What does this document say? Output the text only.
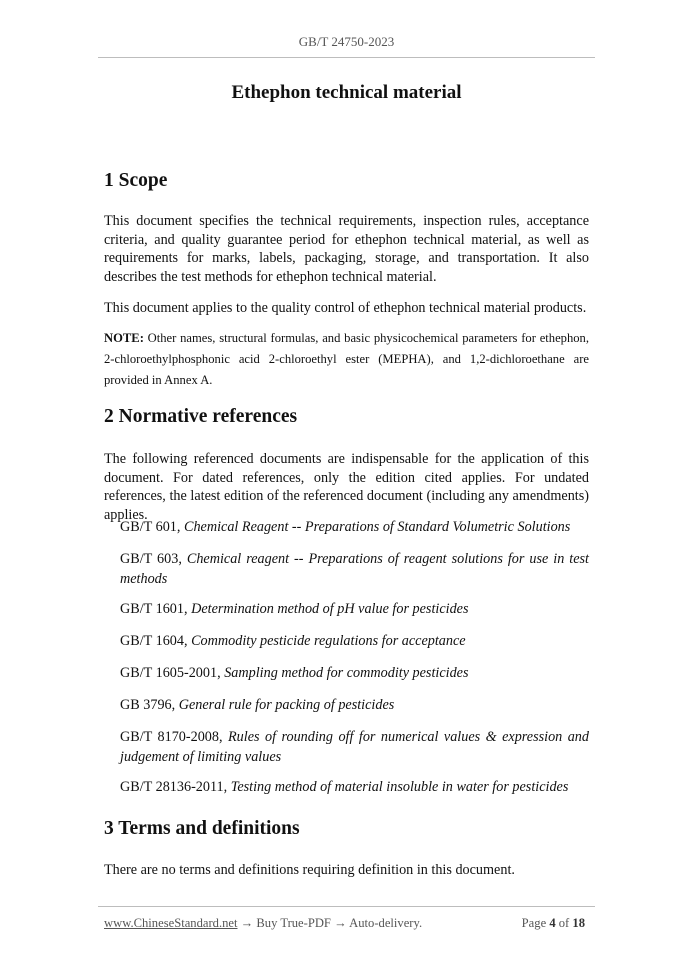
GB/T 24750-2023
Ethephon technical material
1 Scope

This document specifies the technical requirements, inspection rules, acceptance criteria, and quality guarantee period for ethephon technical material, as well as requirements for marks, labels, packaging, storage, and transportation. It also describes the test methods for ethephon technical material.

This document applies to the quality control of ethephon technical material products.

NOTE: Other names, structural formulas, and basic physicochemical parameters for ethephon, 2-chloroethylphosphonic acid 2-chloroethyl ester (MEPHA), and 1,2-dichloroethane are provided in Annex A.

2 Normative references

The following referenced documents are indispensable for the application of this document. For dated references, only the edition cited applies. For undated references, the latest edition of the referenced document (including any amendments) applies.

GB/T 601, Chemical Reagent -- Preparations of Standard Volumetric Solutions

GB/T 603, Chemical reagent -- Preparations of reagent solutions for use in test methods

GB/T 1601, Determination method of pH value for pesticides

GB/T 1604, Commodity pesticide regulations for acceptance

GB/T 1605-2001, Sampling method for commodity pesticides

GB 3796, General rule for packing of pesticides

GB/T 8170-2008, Rules of rounding off for numerical values & expression and judgement of limiting values

GB/T 28136-2011, Testing method of material insoluble in water for pesticides

3 Terms and definitions

There are no terms and definitions requiring definition in this document.

www.ChineseStandard.net → Buy True-PDF → Auto-delivery.	Page 4 of 18
